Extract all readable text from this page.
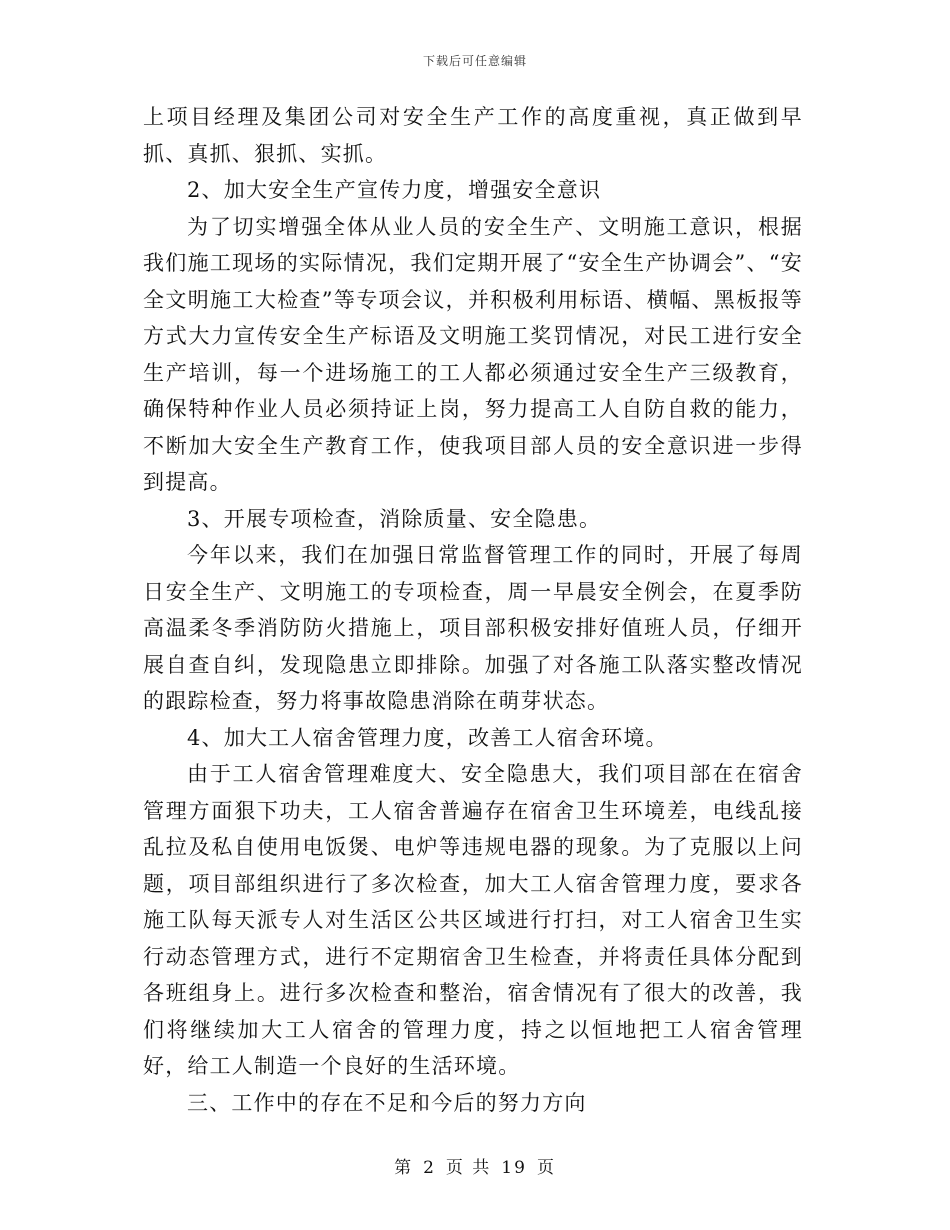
下载后可任意编辑

上项目经理及集团公司对安全生产工作的高度重视，真正做到早抓、真抓、狠抓、实抓。

2、加大安全生产宣传力度，增强安全意识

为了切实增强全体从业人员的安全生产、文明施工意识，根据我们施工现场的实际情况，我们定期开展了“安全生产协调会”、“安全文明施工大检查”等专项会议，并积极利用标语、横幅、黑板报等方式大力宣传安全生产标语及文明施工奖罚情况，对民工进行安全生产培训，每一个进场施工的工人都必须通过安全生产三级教育，确保特种作业人员必须持证上岗，努力提高工人自防自救的能力，不断加大安全生产教育工作，使我项目部人员的安全意识进一步得到提高。

3、开展专项检查，消除质量、安全隐患。

今年以来，我们在加强日常监督管理工作的同时，开展了每周日安全生产、文明施工的专项检查，周一早晨安全例会，在夏季防高温柔冬季消防防火措施上，项目部积极安排好值班人员，仔细开展自查自纠，发现隐患立即排除。加强了对各施工队落实整改情况的跟踪检查，努力将事故隐患消除在萌芽状态。

4、加大工人宿舍管理力度，改善工人宿舍环境。

由于工人宿舍管理难度大、安全隐患大，我们项目部在在宿舍管理方面狠下功夫，工人宿舍普遍存在宿舍卫生环境差，电线乱接乱拉及私自使用电饭煲、电炉等违规电器的现象。为了克服以上问题，项目部组织进行了多次检查，加大工人宿舍管理力度，要求各施工队每天派专人对生活区公共区域进行打扫，对工人宿舍卫生实行动态管理方式，进行不定期宿舍卫生检查，并将责任具体分配到各班组身上。进行多次检查和整治，宿舍情况有了很大的改善，我们将继续加大工人宿舍的管理力度，持之以恒地把工人宿舍管理好，给工人制造一个良好的生活环境。

三、工作中的存在不足和今后的努力方向

第 2 页 共 19 页
